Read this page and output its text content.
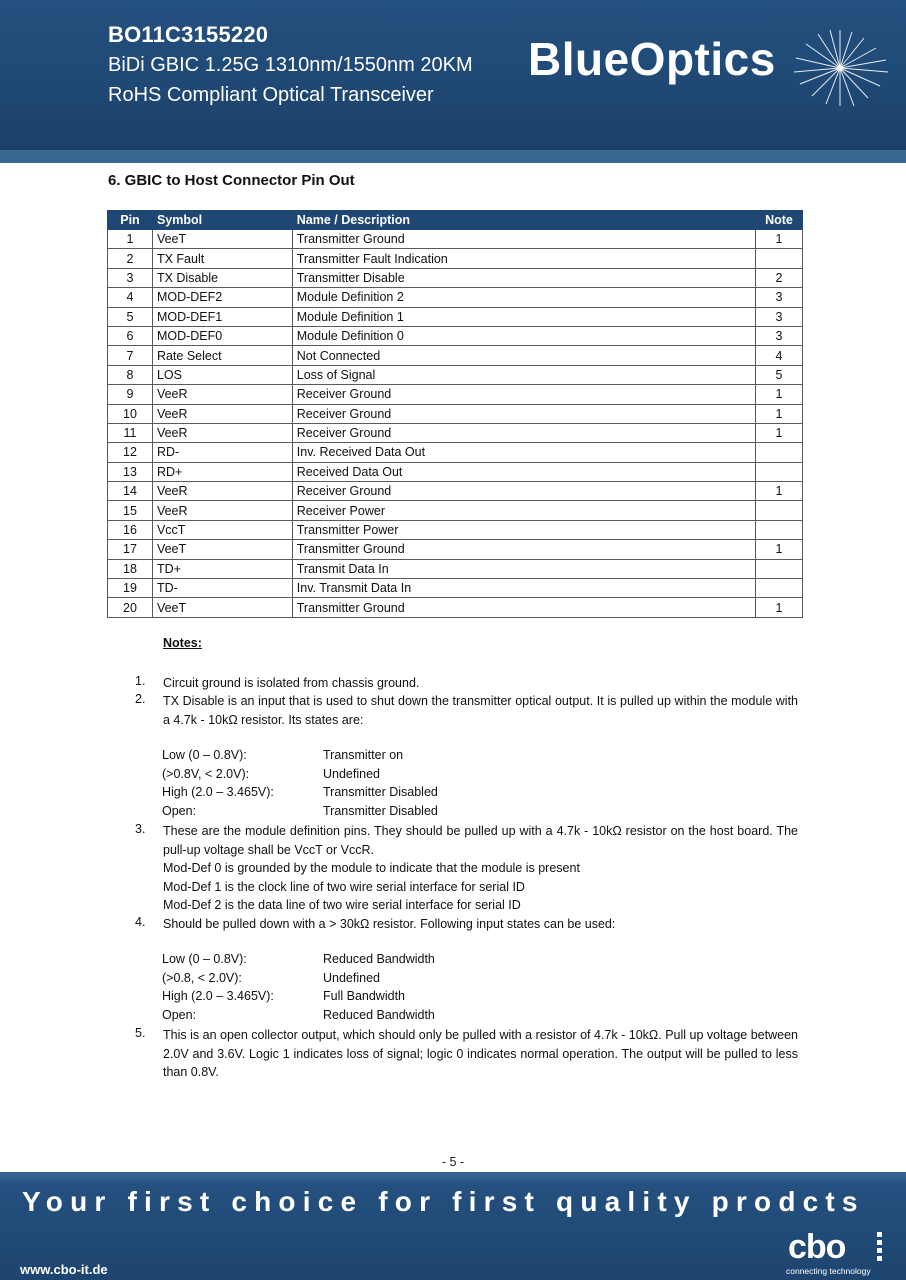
BO11C3155220
BiDi GBIC 1.25G 1310nm/1550nm 20KM
RoHS Compliant Optical Transceiver
BlueOptics
6. GBIC to Host Connector Pin Out
Pin	Symbol	Name / Description	Note
1	VeeT	Transmitter Ground	1
2	TX Fault	Transmitter Fault Indication	
3	TX Disable	Transmitter Disable	2
4	MOD-DEF2	Module Definition 2	3
5	MOD-DEF1	Module Definition 1	3
6	MOD-DEF0	Module Definition 0	3
7	Rate Select	Not Connected	4
8	LOS	Loss of Signal	5
9	VeeR	Receiver Ground	1
10	VeeR	Receiver Ground	1
11	VeeR	Receiver Ground	1
12	RD-	Inv. Received Data Out	
13	RD+	Received Data Out	
14	VeeR	Receiver Ground	1
15	VeeR	Receiver Power	
16	VccT	Transmitter Power	
17	VeeT	Transmitter Ground	1
18	TD+	Transmit Data In	
19	TD-	Inv. Transmit Data In	
20	VeeT	Transmitter Ground	1
Notes:
1. Circuit ground is isolated from chassis ground.
2. TX Disable is an input that is used to shut down the transmitter optical output. It is pulled up within the module with a 4.7k - 10kΩ resistor. Its states are:
Low (0 – 0.8V):	Transmitter on
(>0.8V, < 2.0V):	Undefined
High (2.0 – 3.465V):	Transmitter Disabled
Open:	Transmitter Disabled
3. These are the module definition pins. They should be pulled up with a 4.7k - 10kΩ resistor on the host board. The pull-up voltage shall be VccT or VccR.
Mod-Def 0 is grounded by the module to indicate that the module is present
Mod-Def 1 is the clock line of two wire serial interface for serial ID
Mod-Def 2 is the data line of two wire serial interface for serial ID
4. Should be pulled down with a > 30kΩ resistor. Following input states can be used:
Low (0 – 0.8V):	Reduced Bandwidth
(>0.8, < 2.0V):	Undefined
High (2.0 – 3.465V):	Full Bandwidth
Open:	Reduced Bandwidth
5. This is an open collector output, which should only be pulled with a resistor of 4.7k - 10kΩ. Pull up voltage between 2.0V and 3.6V. Logic 1 indicates loss of signal; logic 0 indicates normal operation. The output will be pulled to less than 0.8V.
- 5 -
Your first choice for first quality prodcts
www.cbo-it.de
cbo
connecting technology
